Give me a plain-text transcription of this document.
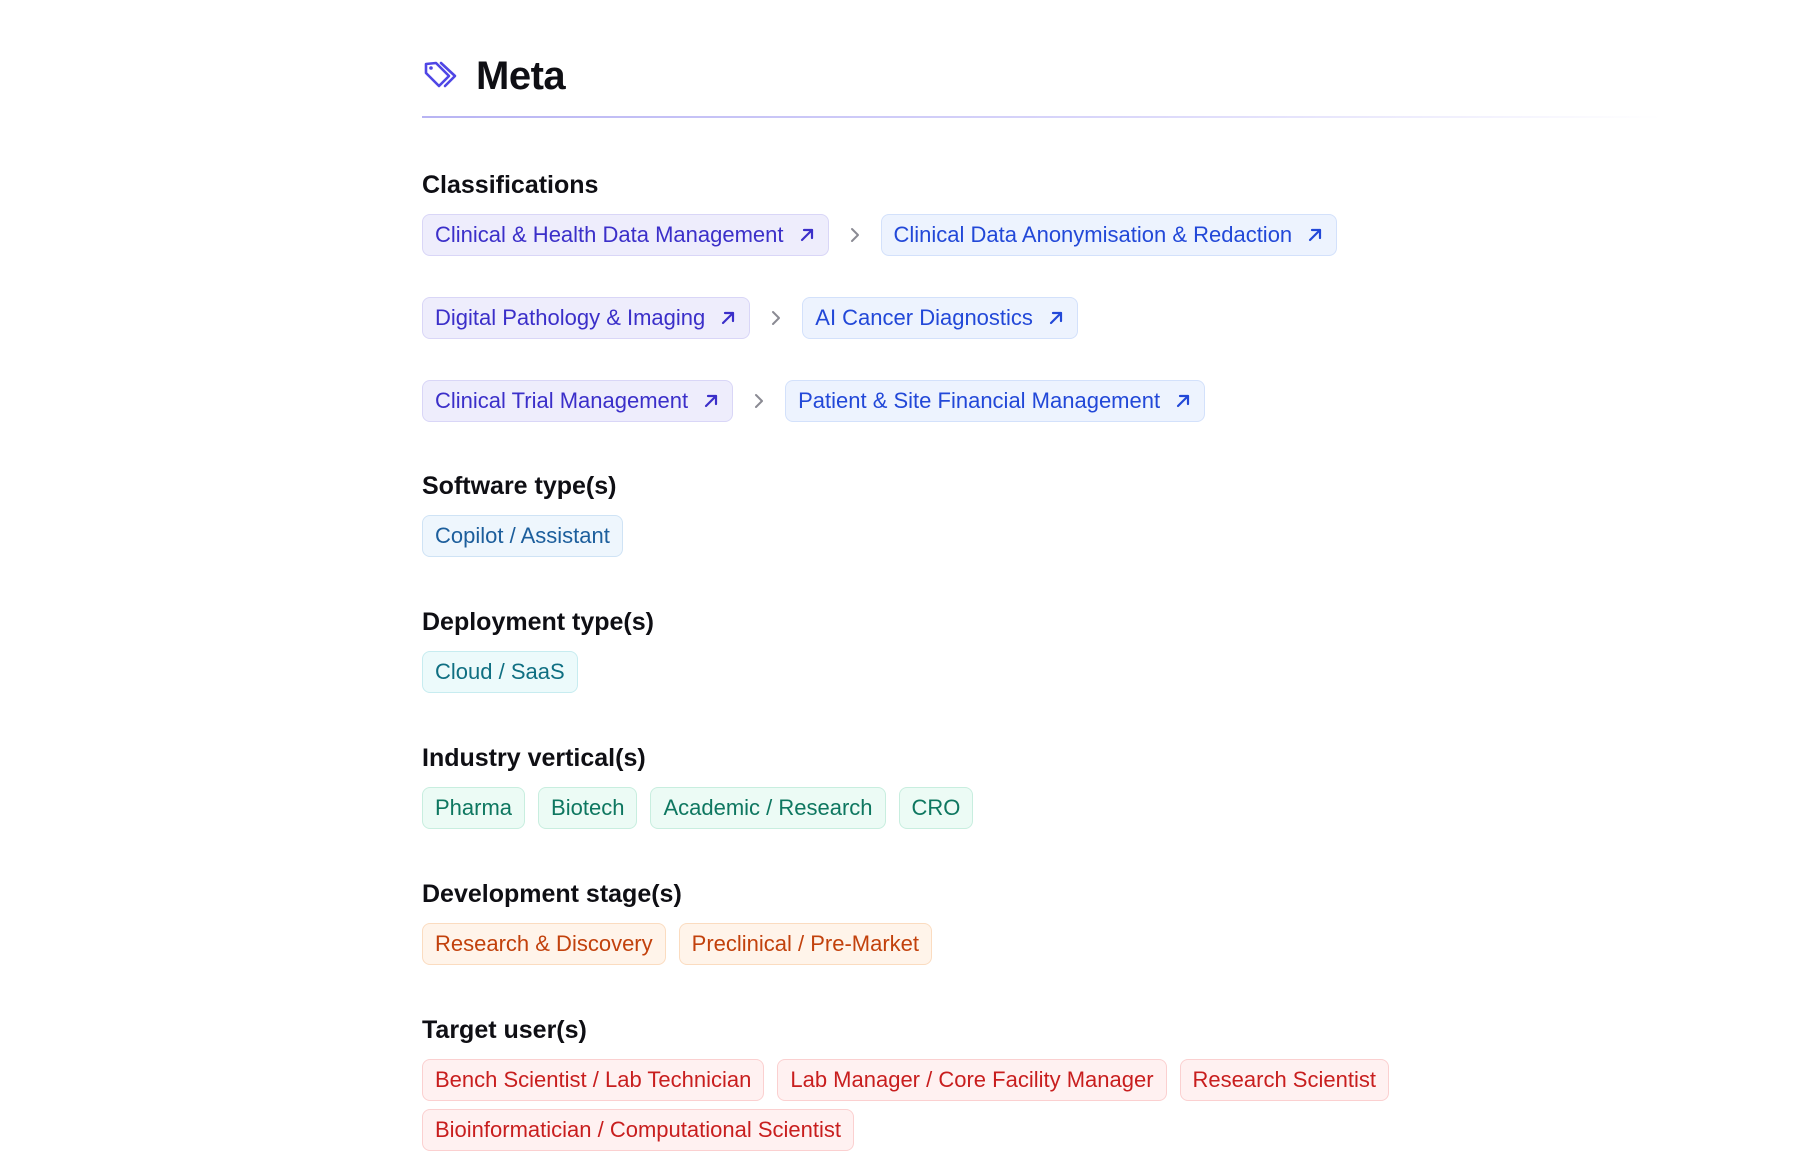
Meta
Classifications
Clinical & Health Data Management	Clinical Data Anonymisation & Redaction
Digital Pathology & Imaging	AI Cancer Diagnostics
Clinical Trial Management	Patient & Site Financial Management
Software type(s)
Copilot / Assistant
Deployment type(s)
Cloud / SaaS
Industry vertical(s)
Pharma	Biotech	Academic / Research	CRO
Development stage(s)
Research & Discovery	Preclinical / Pre-Market
Target user(s)
Bench Scientist / Lab Technician	Lab Manager / Core Facility Manager	Research Scientist
Bioinformatician / Computational Scientist
